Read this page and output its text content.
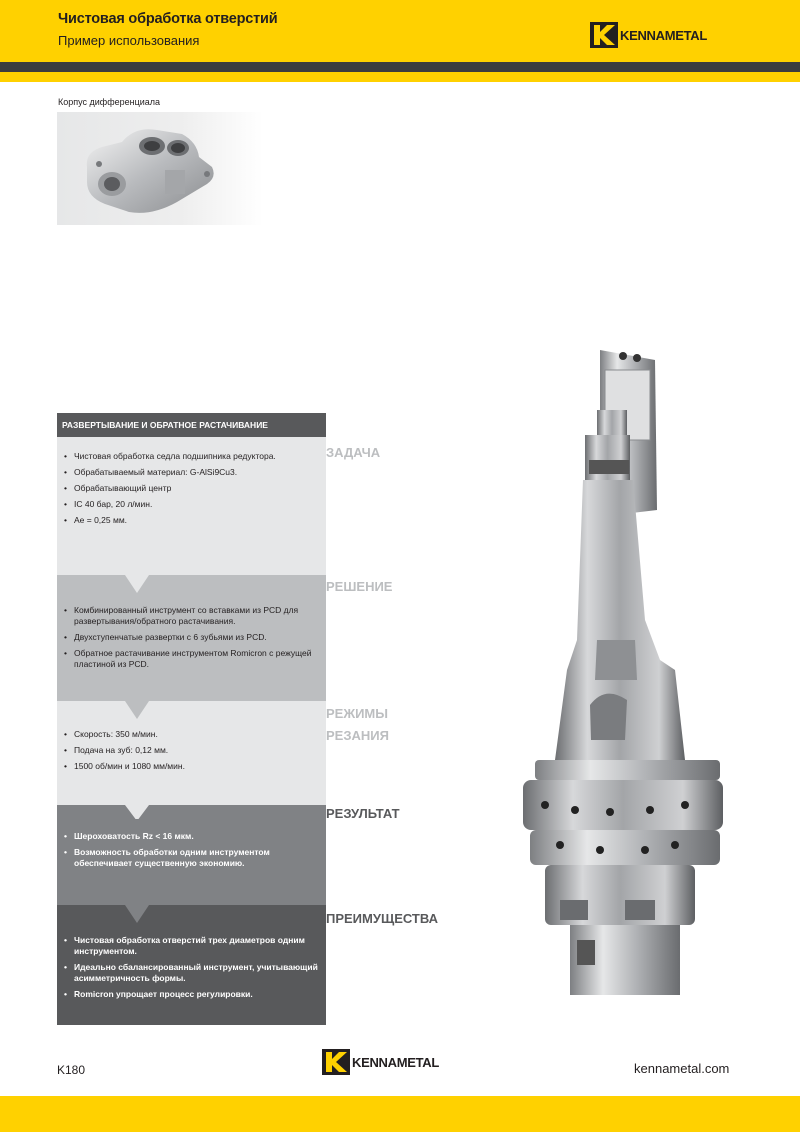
Чистовая обработка отверстий
Пример использования	KENNAMETAL
Корпус дифференциала
РАЗВЕРТЫВАНИЕ И ОБРАТНОЕ РАСТАЧИВАНИЕ
• Чистовая обработка седла подшипника редуктора.
• Обрабатываемый материал: G-AlSi9Cu3.
• Обрабатывающий центр
• IC 40 бар, 20 л/мин.
• Ae = 0,25 мм.
ЗАДАЧА
• Комбинированный инструмент со вставками из PCD для развертывания/обратного растачивания.
• Двухступенчатые развертки с 6 зубьями из PCD.
• Обратное растачивание инструментом Romicron с режущей пластиной из PCD.
РЕШЕНИЕ
• Скорость: 350 м/мин.
• Подача на зуб: 0,12 мм.
• 1500 об/мин и 1080 мм/мин.
РЕЖИМЫ
РЕЗАНИЯ
• Шероховатость Rz < 16 мкм.
• Возможность обработки одним инструментом обеспечивает существенную экономию.
РЕЗУЛЬТАТ
• Чистовая обработка отверстий трех диаметров одним инструментом.
• Идеально сбалансированный инструмент, учитывающий асимметричность формы.
• Romicron упрощает процесс регулировки.
ПРЕИМУЩЕСТВА
K180
KENNAMETAL	kennametal.com
